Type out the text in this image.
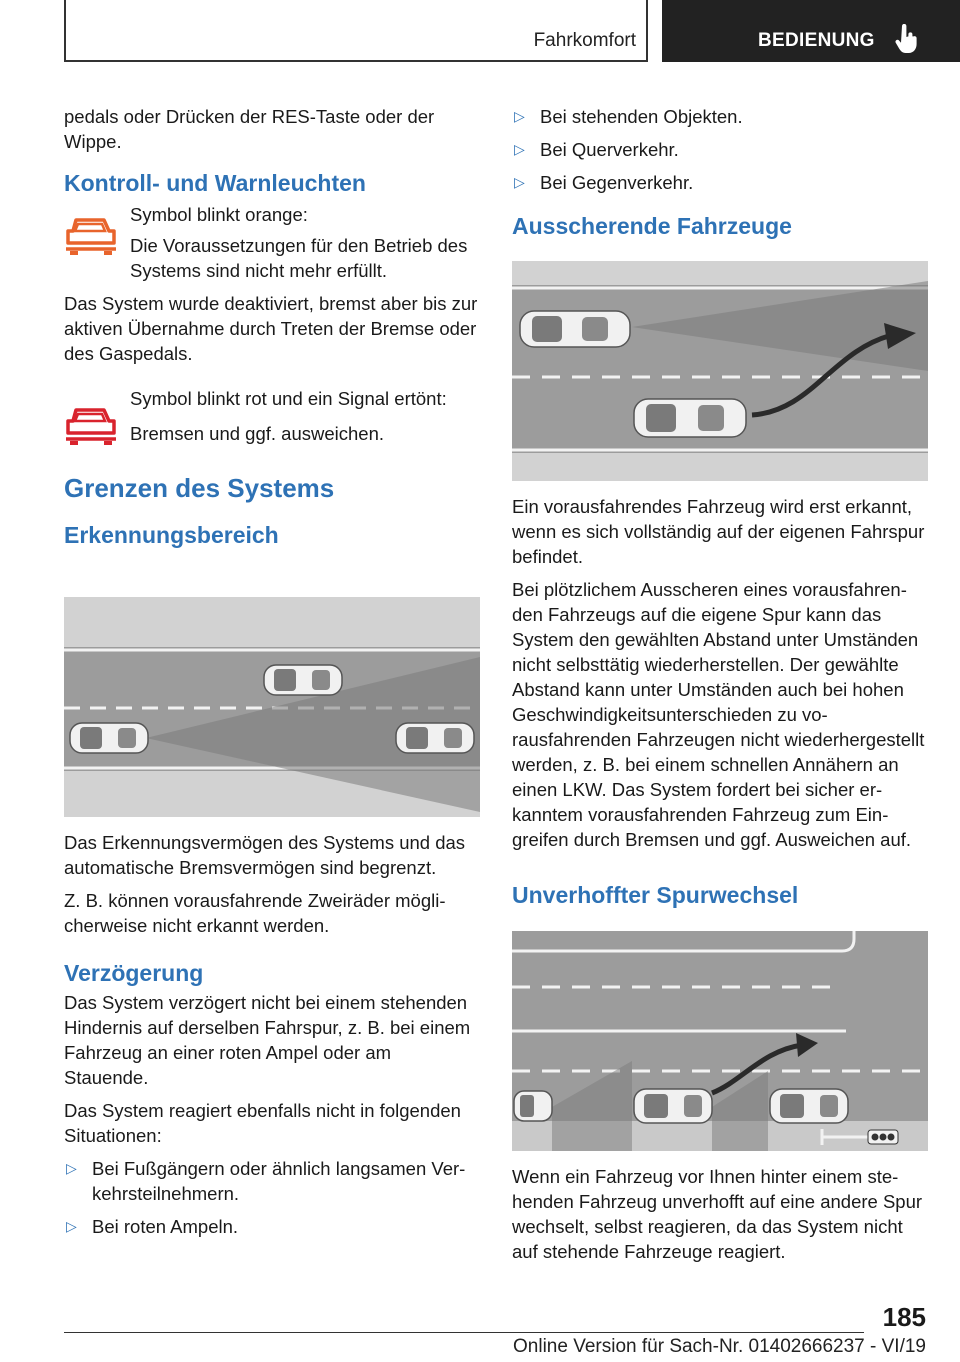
Fahrkomfort	BEDIENUNG

pedals oder Drücken der RES-Taste oder der Wippe.

Kontroll- und Warnleuchten

Symbol blinkt orange:

Die Voraussetzungen für den Betrieb des Systems sind nicht mehr erfüllt.

Das System wurde deaktiviert, bremst aber bis zur aktiven Übernahme durch Treten der Bremse oder des Gaspedals.

Symbol blinkt rot und ein Signal ertönt:

Bremsen und ggf. ausweichen.

Grenzen des Systems
Erkennungsbereich

Das Erkennungsvermögen des Systems und das automatische Bremsvermögen sind begrenzt.

Z. B. können vorausfahrende Zweiräder möglicherweise nicht erkannt werden.

Verzögerung

Das System verzögert nicht bei einem stehenden Hindernis auf derselben Fahrspur, z. B. bei einem Fahrzeug an einer roten Ampel oder am Stauende.

Das System reagiert ebenfalls nicht in folgenden Situationen:

▷ Bei Fußgängern oder ähnlich langsamen Verkehrsteilnehmern.
▷ Bei roten Ampeln.
▷ Bei stehenden Objekten.
▷ Bei Querverkehr.
▷ Bei Gegenverkehr.
Ausscherende Fahrzeuge

Ein vorausfahrendes Fahrzeug wird erst erkannt, wenn es sich vollständig auf der eigenen Fahrspur befindet.

Bei plötzlichem Ausscheren eines vorausfahrenden Fahrzeugs auf die eigene Spur kann das System den gewählten Abstand unter Umständen nicht selbsttätig wiederherstellen. Der gewählte Abstand kann unter Umständen auch bei hohen Geschwindigkeitsunterschieden zu vorausfahrenden Fahrzeugen nicht wiederhergestellt werden, z. B. bei einem schnellen Annähern an einen LKW. Das System fordert bei sicher erkanntem vorausfahrenden Fahrzeug zum Eingreifen durch Bremsen und ggf. Ausweichen auf.

Unverhoffter Spurwechsel

Wenn ein Fahrzeug vor Ihnen hinter einem stehenden Fahrzeug unverhofft auf eine andere Spur wechselt, selbst reagieren, da das System nicht auf stehende Fahrzeuge reagiert.

185
Online Version für Sach-Nr. 01402666237 - VI/19
